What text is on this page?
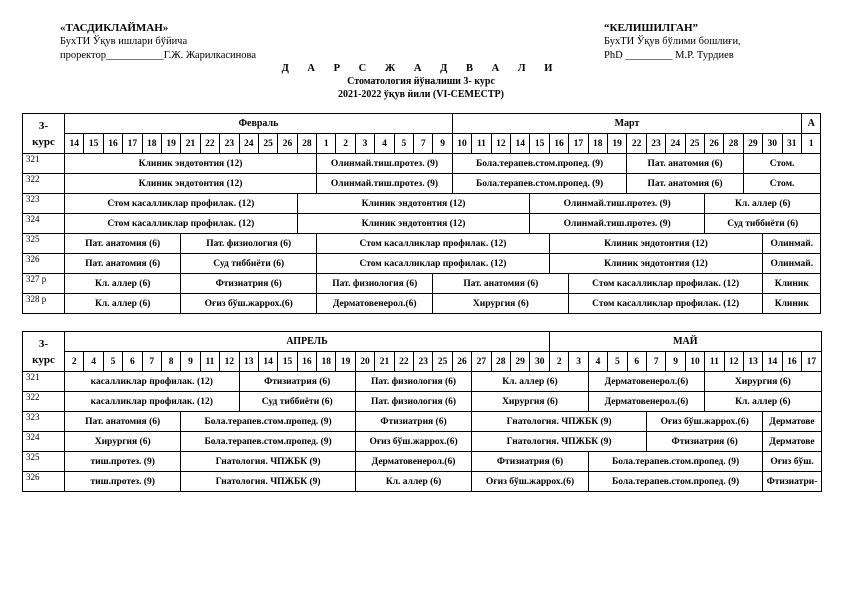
«ТАСДИКЛАЙМАН»
БухТИ Ўқув ишлари бўйича
проректор___________Г.Ж. Жарилкасинова
“КЕЛИШИЛГАН”
БухТИ Ўқув бўлими бошлиғи,
PhD _________ М.Р. Турдиев
Д А Р С Ж А Д В А Л И
Стоматология йўналиши 3- курс
2021-2022 ўқув йили (VI-СЕМЕСТР)
3-
курс	Февраль																				Март																		А
	14	15	16	17	18	19	21	22	23	24	25	26	28	1	2	3	4	5	7	9	10	11	12	14	15	16	17	18	19	22	23	24	25	26	28	29	30	31	1
321	Клиник эндотонтия (12)													Олинмай.тиш.протез. (9)							Бола.терапев.стом.пропед. (9)									Пат. анатомия (6)						Стом.			
322	Клиник эндотонтия (12)													Олинмай.тиш.протез. (9)							Бола.терапев.стом.пропед. (9)									Пат. анатомия (6)						Стом.			
323	Стом касалликлар профилак. (12)												Клиник эндотонтия (12)												Олинмай.тиш.протез. (9)									Кл. аллер (6)					
324	Стом касалликлар профилак. (12)												Клиник эндотонтия (12)												Олинмай.тиш.протез. (9)									Суд тиббиёти (6)					
325	Пат. анатомия (6)						Пат. физиология (6)							Стом касалликлар профилак. (12)												Клиник эндотонтия (12)											Олинмай.		
326	Пат. анатомия (6)						Суд тиббиёти (6)							Стом касалликлар профилак. (12)												Клиник эндотонтия (12)											Олинмай.		
327 р	Кл. аллер (6)						Фтизиатрия (6)							Пат. физиология (6)						Пат. анатомия (6)							Стом касалликлар профилак. (12)										Клиник		
328 р	Кл. аллер (6)						Оғиз бўш.жаррох.(6)							Дерматовенерол.(6)						Хирургия (6)							Стом касалликлар профилак. (12)										Клиник		
3-
курс	АПРЕЛЬ																									МАЙ													
	2	4	5	6	7	8	9	11	12	13	14	15	16	18	19	20	21	22	23	25	26	27	28	29	30	2	3	4	5	6	7	9	10	11	12	13	14	16	17
321	касалликлар профилак. (12)									Фтизиатрия (6)						Пат. физиология (6)						Кл. аллер (6)						Дерматовенерол.(6)						Хирургия (6)					
322	касалликлар профилак. (12)									Суд тиббиёти (6)						Пат. физиология (6)						Хирургия (6)						Дерматовенерол.(6)						Кл. аллер (6)					
323	Пат. анатомия (6)						Бола.терапев.стом.пропед. (9)									Фтизиатрия (6)						Гнатология. ЧПЖБК (9)									Оғиз бўш.жаррох.(6)						Дерматове		
324	Хирургия (6)						Бола.терапев.стом.пропед. (9)									Оғиз бўш.жаррох.(6)						Гнатология. ЧПЖБК (9)									Фтизиатрия (6)						Дерматове		
325	тиш.протез. (9)						Гнатология. ЧПЖБК (9)									Дерматовенерол.(6)						Фтизиатрия (6)						Бола.терапев.стом.пропед. (9)									Оғиз бўш.		
326	тиш.протез. (9)						Гнатология. ЧПЖБК (9)									Кл. аллер (6)						Оғиз бўш.жаррох.(6)						Бола.терапев.стом.пропед. (9)									Фтизиатри-		
